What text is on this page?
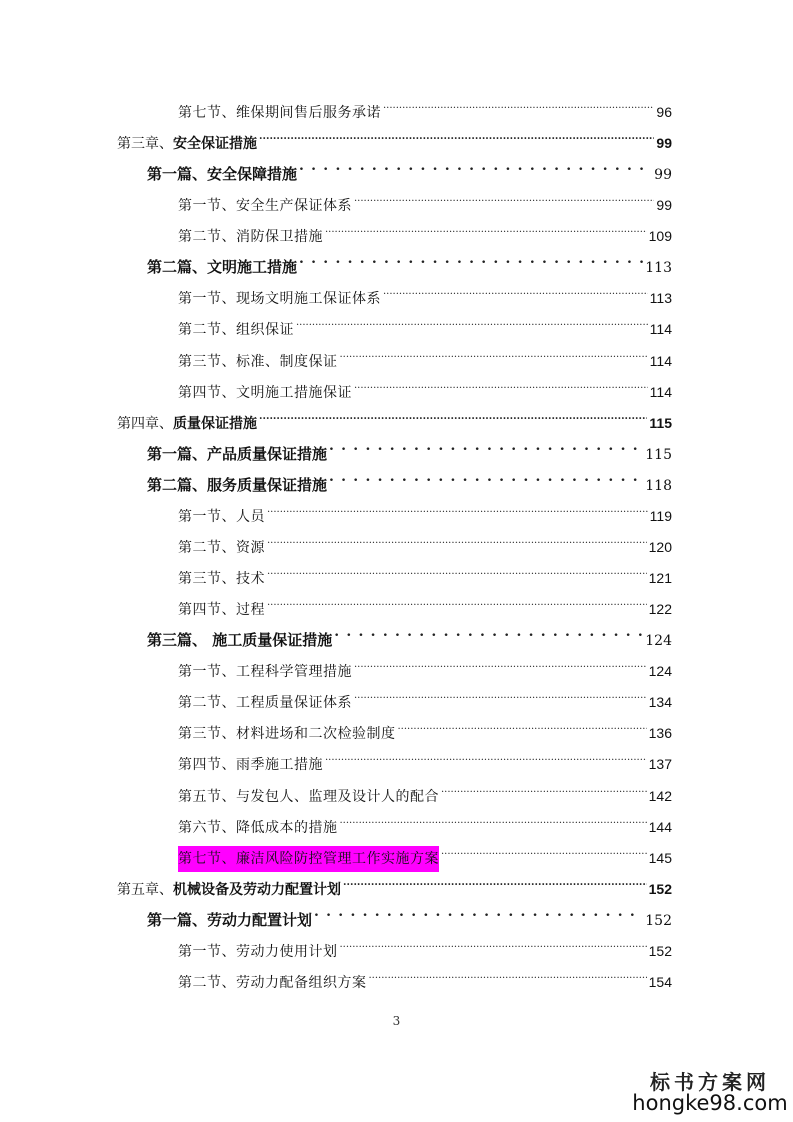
第七节、维保期间售后服务承诺 .....	96
第三章、安全保证措施 .....	99
第一篇、安全保障措施 . . .	99
第一节、安全生产保证体系 .....	99
第二节、消防保卫措施 .....	109
第二篇、文明施工措施 . . .	113
第一节、现场文明施工保证体系 .....	113
第二节、组织保证 .....	114
第三节、标准、制度保证 .....	114
第四节、文明施工措施保证 .....	114
第四章、质量保证措施 .....	115
第一篇、产品质量保证措施 . . .	115
第二篇、服务质量保证措施 . . .	118
第一节、人员 .....	119
第二节、资源 .....	120
第三节、技术 .....	121
第四节、过程 .....	122
第三篇、 施工质量保证措施 . . .	124
第一节、工程科学管理措施 .....	124
第二节、工程质量保证体系 .....	134
第三节、材料进场和二次检验制度 .....	136
第四节、雨季施工措施 .....	137
第五节、与发包人、监理及设计人的配合 .....	142
第六节、降低成本的措施 .....	144
第七节、廉洁风险防控管理工作实施方案 .....	145
第五章、机械设备及劳动力配置计划 .....	152
第一篇、劳动力配置计划 . . .	152
第一节、劳动力使用计划 .....	152
第二节、劳动力配备组织方案 .....	154
3
标书方案网
hongke98.com
